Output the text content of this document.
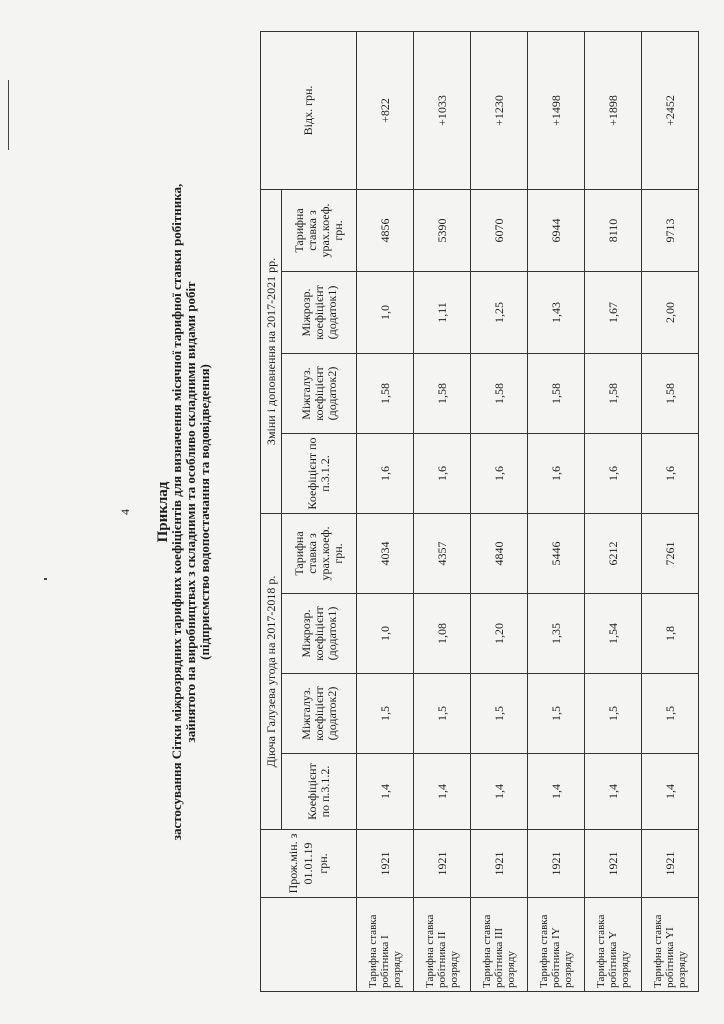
4 Приклад
застосування Сітки міжрозрядних тарифних коефіцієнтів для визначення місячної тарифної ставки робітника, зайнятого на виробництвах з складними та особливо складними видами робіт (підприємство водопостачання та водовідведення)
	Прож.мін. з 01.01.19 грн.	Діюча Галузева угода на 2017-2018 р.				Зміни і доповнення на 2017-2021 рр.				Відх. грн.
		Коефіцієнт по п.3.1.2.	Міжгалуз. коефіцієнт (додаток2)	Міжрозр. коефіцієнт (додаток1)	Тарифна ставка з урах.коеф. грн.	Коефіцієнт по п.3.1.2.	Міжгалуз. коефіцієнт (додаток2)	Міжрозр. коефіцієнт (додаток1)	Тарифна ставка з урах.коеф. грн.	
Тарифна ставка робітника І розряду	1921	1,4	1,5	1,0	4034	1,6	1,58	1,0	4856	+822
Тарифна ставка робітника ІІ розряду	1921	1,4	1,5	1,08	4357	1,6	1,58	1,11	5390	+1033
Тарифна ставка робітника ІІІ розряду	1921	1,4	1,5	1,20	4840	1,6	1,58	1,25	6070	+1230
Тарифна ставка робітника ІY розряду	1921	1,4	1,5	1,35	5446	1,6	1,58	1,43	6944	+1498
Тарифна ставка робітника Y розряду	1921	1,4	1,5	1,54	6212	1,6	1,58	1,67	8110	+1898
Тарифна ставка робітника YІ розряду	1921	1,4	1,5	1,8	7261	1,6	1,58	2,00	9713	+2452
